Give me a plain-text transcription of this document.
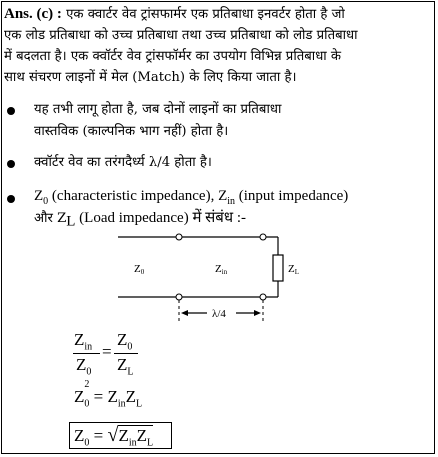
Ans. (c) : एक क्वार्टर वेव ट्रांसफार्मर एक प्रतिबाधा इनवर्टर होता है जो
एक लोड प्रतिबाधा को उच्च प्रतिबाधा तथा उच्च प्रतिबाधा को लोड प्रतिबाधा
में बदलता है। एक क्वॉर्टर वेव ट्रांसफॉर्मर का उपयोग विभिन्न प्रतिबाधा के
साथ संचरण लाइनों में मेल (Match) के लिए किया जाता है।
यह तभी लागू होता है, जब दोनों लाइनों का प्रतिबाधा
वास्तविक (काल्पनिक भाग नहीं) होता है।
क्वॉर्टर वेव का तरंगदैर्ध्य λ/4 होता है।
$Z_0$ (characteristic impedance), $Z_{in}$ (input impedance)
और $Z_L$ (Load impedance) में संबंध :-
Z0	Zin	ZL
λ/4
$Z_{in}$
$Z_0$
=
$Z_0$
$Z_L$
Z
2
$_0 = Z_{in}Z_L$
$Z_0 = √Z_{in}Z_L$
